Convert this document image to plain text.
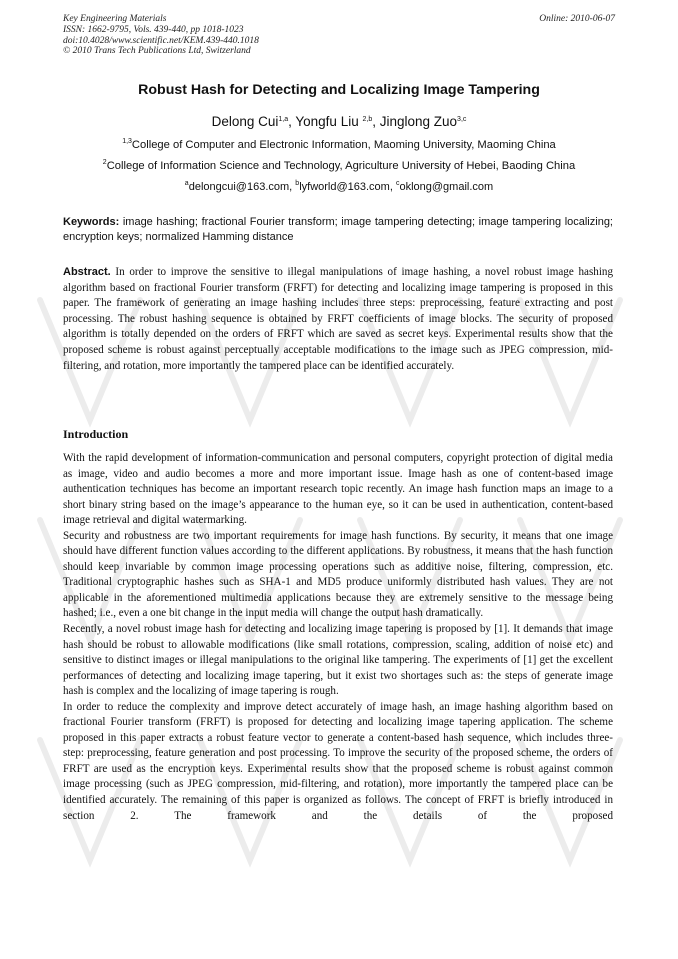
Key Engineering Materials
ISSN: 1662-9795, Vols. 439-440, pp 1018-1023
doi:10.4028/www.scientific.net/KEM.439-440.1018
© 2010 Trans Tech Publications Ltd, Switzerland
Online: 2010-06-07
Robust Hash for Detecting and Localizing Image Tampering
Delong Cui$^{1,a}$, Yongfu Liu $^{2,b}$, Jinglong Zuo$^{3,c}$
$^{1,3}$College of Computer and Electronic Information, Maoming University, Maoming China
$^2$College of Information Science and Technology, Agriculture University of Hebei, Baoding China
$^a$delongcui@163.com, $^b$lyfworld@163.com, $^c$oklong@gmail.com
Keywords: image hashing; fractional Fourier transform; image tampering detecting; image tampering localizing; encryption keys; normalized Hamming distance
Abstract. In order to improve the sensitive to illegal manipulations of image hashing, a novel robust image hashing algorithm based on fractional Fourier transform (FRFT) for detecting and localizing image tampering is proposed in this paper. The framework of generating an image hashing includes three steps: preprocessing, feature extracting and post processing. The robust hashing sequence is obtained by FRFT coefficients of image blocks. The security of proposed algorithm is totally depended on the orders of FRFT which are saved as secret keys. Experimental results show that the proposed scheme is robust against perceptually acceptable modifications to the image such as JPEG compression, mid-filtering, and rotation, more importantly the tampered place can be identified accurately.
Introduction

With the rapid development of information-communication and personal computers, copyright protection of digital media as image, video and audio becomes a more and more important issue. Image hash as one of content-based image authentication techniques has become an important research topic recently. An image hash function maps an image to a short binary string based on the image’s appearance to the human eye, so it can be used in authentication, content-based image retrieval and digital watermarking.

Security and robustness are two important requirements for image hash functions. By security, it means that one image should have different function values according to the different applications. By robustness, it means that the hash function should keep invariable by common image processing operations such as additive noise, filtering, compression, etc. Traditional cryptographic hashes such as SHA-1 and MD5 produce uniformly distributed hash values. They are not applicable in the aforementioned multimedia applications because they are extremely sensitive to the message being hashed; i.e., even a one bit change in the input media will change the output hash dramatically.

Recently, a novel robust image hash for detecting and localizing image tapering is proposed by [1]. It demands that image hash should be robust to allowable modifications (like small rotations, compression, scaling, addition of noise etc) and sensitive to distinct images or illegal manipulations to the original like tampering. The experiments of [1] get the excellent performances of detecting and localizing image tapering, but it exist two shortages such as: the steps of generate image hash is complex and the localizing of image tapering is rough.

In order to reduce the complexity and improve detect accurately of image hash, an image hashing algorithm based on fractional Fourier transform (FRFT) is proposed for detecting and localizing image tapering application. The scheme proposed in this paper extracts a robust feature vector to generate a content-based hash sequence, which includes three-step: preprocessing, feature generation and post processing. To improve the security of the proposed scheme, the orders of FRFT are used as the encryption keys. Experimental results show that the proposed scheme is robust against common image processing (such as JPEG compression, mid-filtering, and rotation), more importantly the tampered place can be identified accurately. The remaining of this paper is organized as follows. The concept of FRFT is briefly introduced in section 2. The framework and the details of the proposed
